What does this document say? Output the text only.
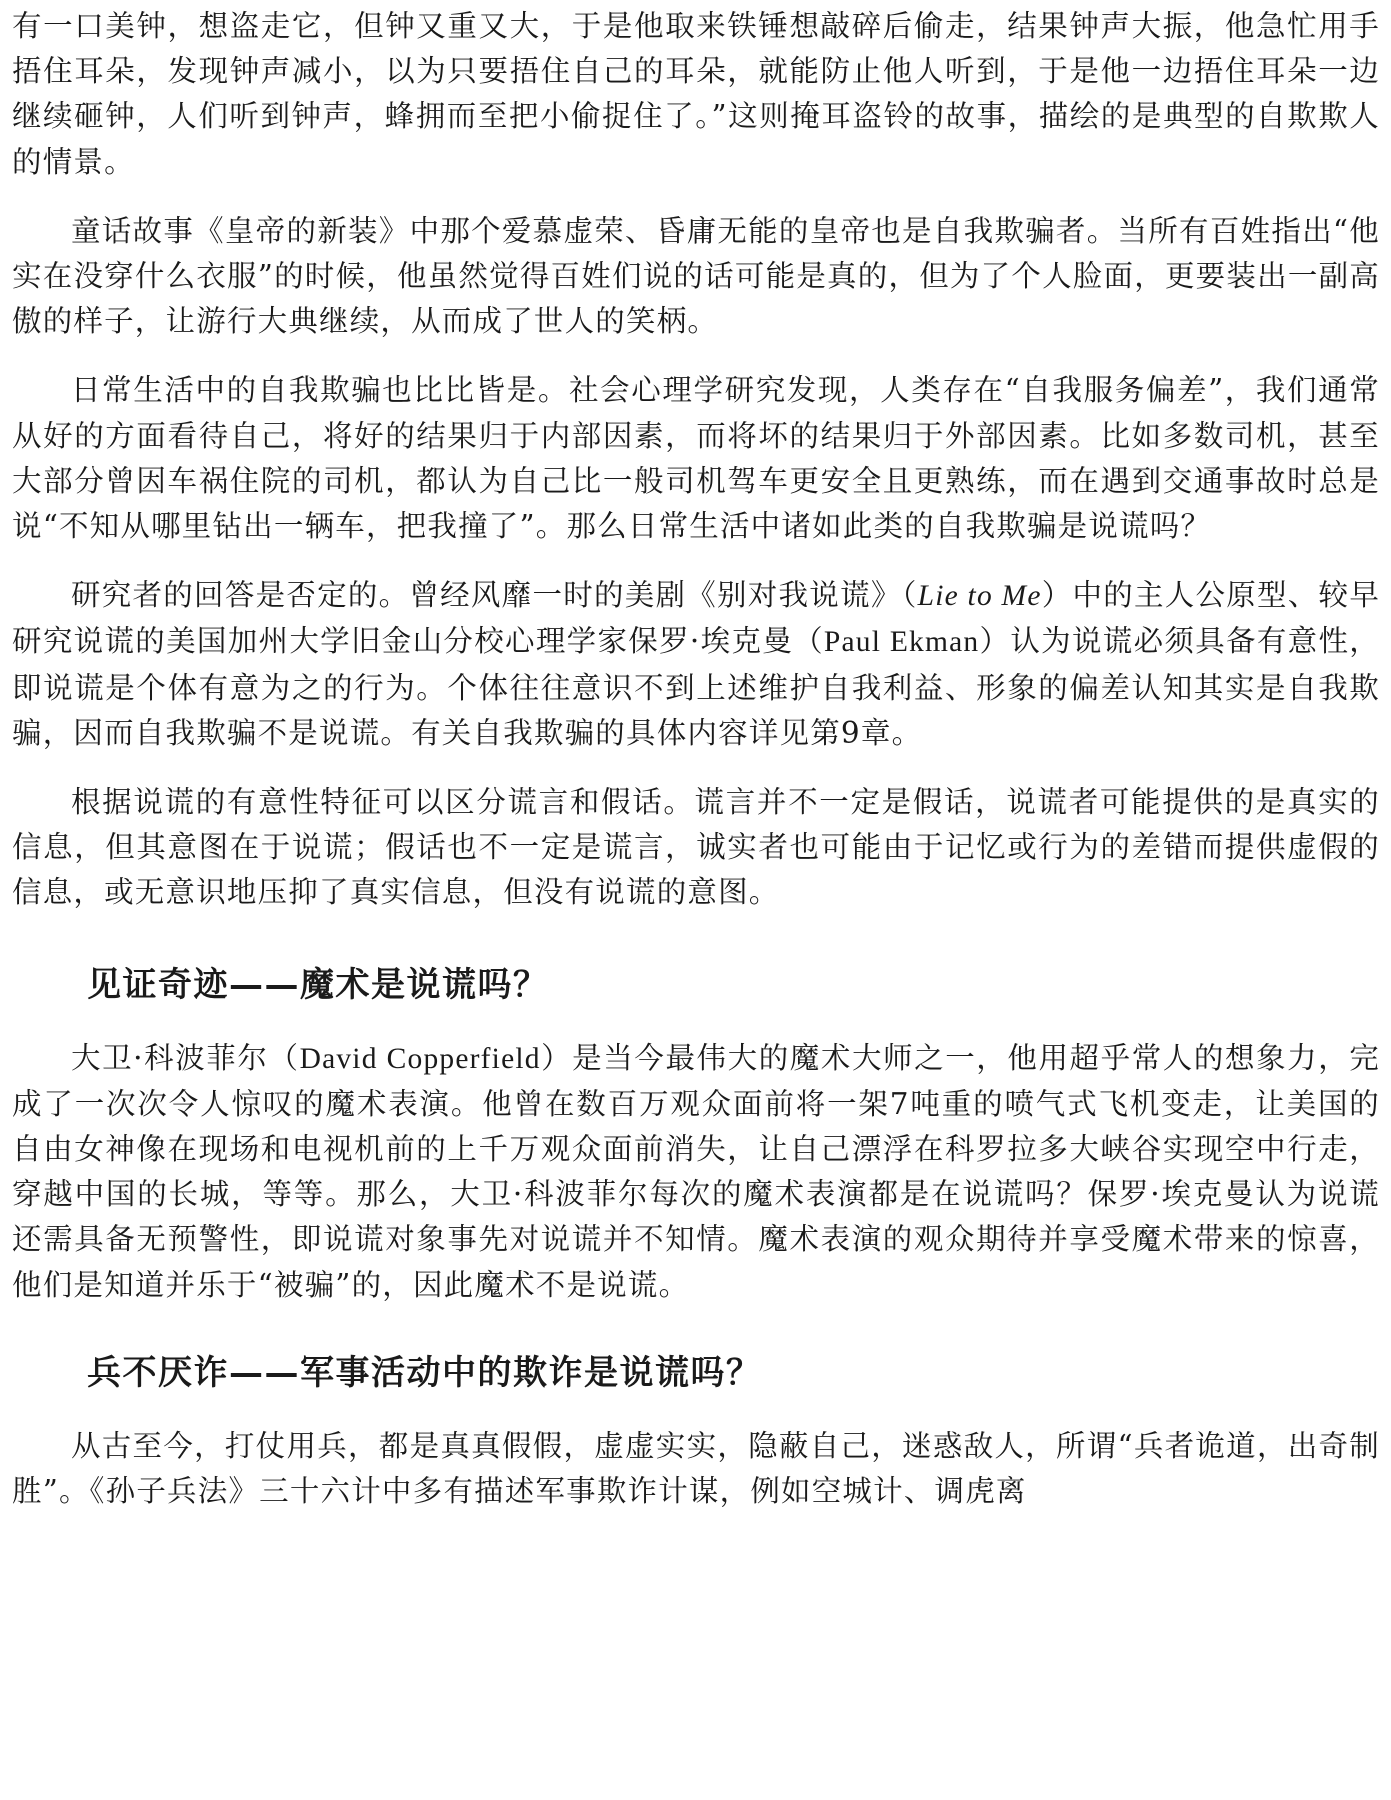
有一口美钟，想盗走它，但钟又重又大，于是他取来铁锤想敲碎后偷走，结果钟声大振，他急忙用手捂住耳朵，发现钟声减小，以为只要捂住自己的耳朵，就能防止他人听到，于是他一边捂住耳朵一边继续砸钟，人们听到钟声，蜂拥而至把小偷捉住了。”这则掩耳盗铃的故事，描绘的是典型的自欺欺人的情景。

童话故事《皇帝的新装》中那个爱慕虚荣、昏庸无能的皇帝也是自我欺骗者。当所有百姓指出“他实在没穿什么衣服”的时候，他虽然觉得百姓们说的话可能是真的，但为了个人脸面，更要装出一副高傲的样子，让游行大典继续，从而成了世人的笑柄。

日常生活中的自我欺骗也比比皆是。社会心理学研究发现，人类存在“自我服务偏差”，我们通常从好的方面看待自己，将好的结果归于内部因素，而将坏的结果归于外部因素。比如多数司机，甚至大部分曾因车祸住院的司机，都认为自己比一般司机驾车更安全且更熟练，而在遇到交通事故时总是说“不知从哪里钻出一辆车，把我撞了”。那么日常生活中诸如此类的自我欺骗是说谎吗？

研究者的回答是否定的。曾经风靡一时的美剧《别对我说谎》（Lie to Me）中的主人公原型、较早研究说谎的美国加州大学旧金山分校心理学家保罗·埃克曼（Paul Ekman）认为说谎必须具备有意性，即说谎是个体有意为之的行为。个体往往意识不到上述维护自我利益、形象的偏差认知其实是自我欺骗，因而自我欺骗不是说谎。有关自我欺骗的具体内容详见第9章。

根据说谎的有意性特征可以区分谎言和假话。谎言并不一定是假话，说谎者可能提供的是真实的信息，但其意图在于说谎；假话也不一定是谎言，诚实者也可能由于记忆或行为的差错而提供虚假的信息，或无意识地压抑了真实信息，但没有说谎的意图。

见证奇迹——魔术是说谎吗？

大卫·科波菲尔（David Copperfield）是当今最伟大的魔术大师之一，他用超乎常人的想象力，完成了一次次令人惊叹的魔术表演。他曾在数百万观众面前将一架7吨重的喷气式飞机变走，让美国的自由女神像在现场和电视机前的上千万观众面前消失，让自己漂浮在科罗拉多大峡谷实现空中行走，穿越中国的长城，等等。那么，大卫·科波菲尔每次的魔术表演都是在说谎吗？保罗·埃克曼认为说谎还需具备无预警性，即说谎对象事先对说谎并不知情。魔术表演的观众期待并享受魔术带来的惊喜，他们是知道并乐于“被骗”的，因此魔术不是说谎。

兵不厌诈——军事活动中的欺诈是说谎吗？

从古至今，打仗用兵，都是真真假假，虚虚实实，隐蔽自己，迷惑敌人，所谓“兵者诡道，出奇制胜”。《孙子兵法》三十六计中多有描述军事欺诈计谋，例如空城计、调虎离
